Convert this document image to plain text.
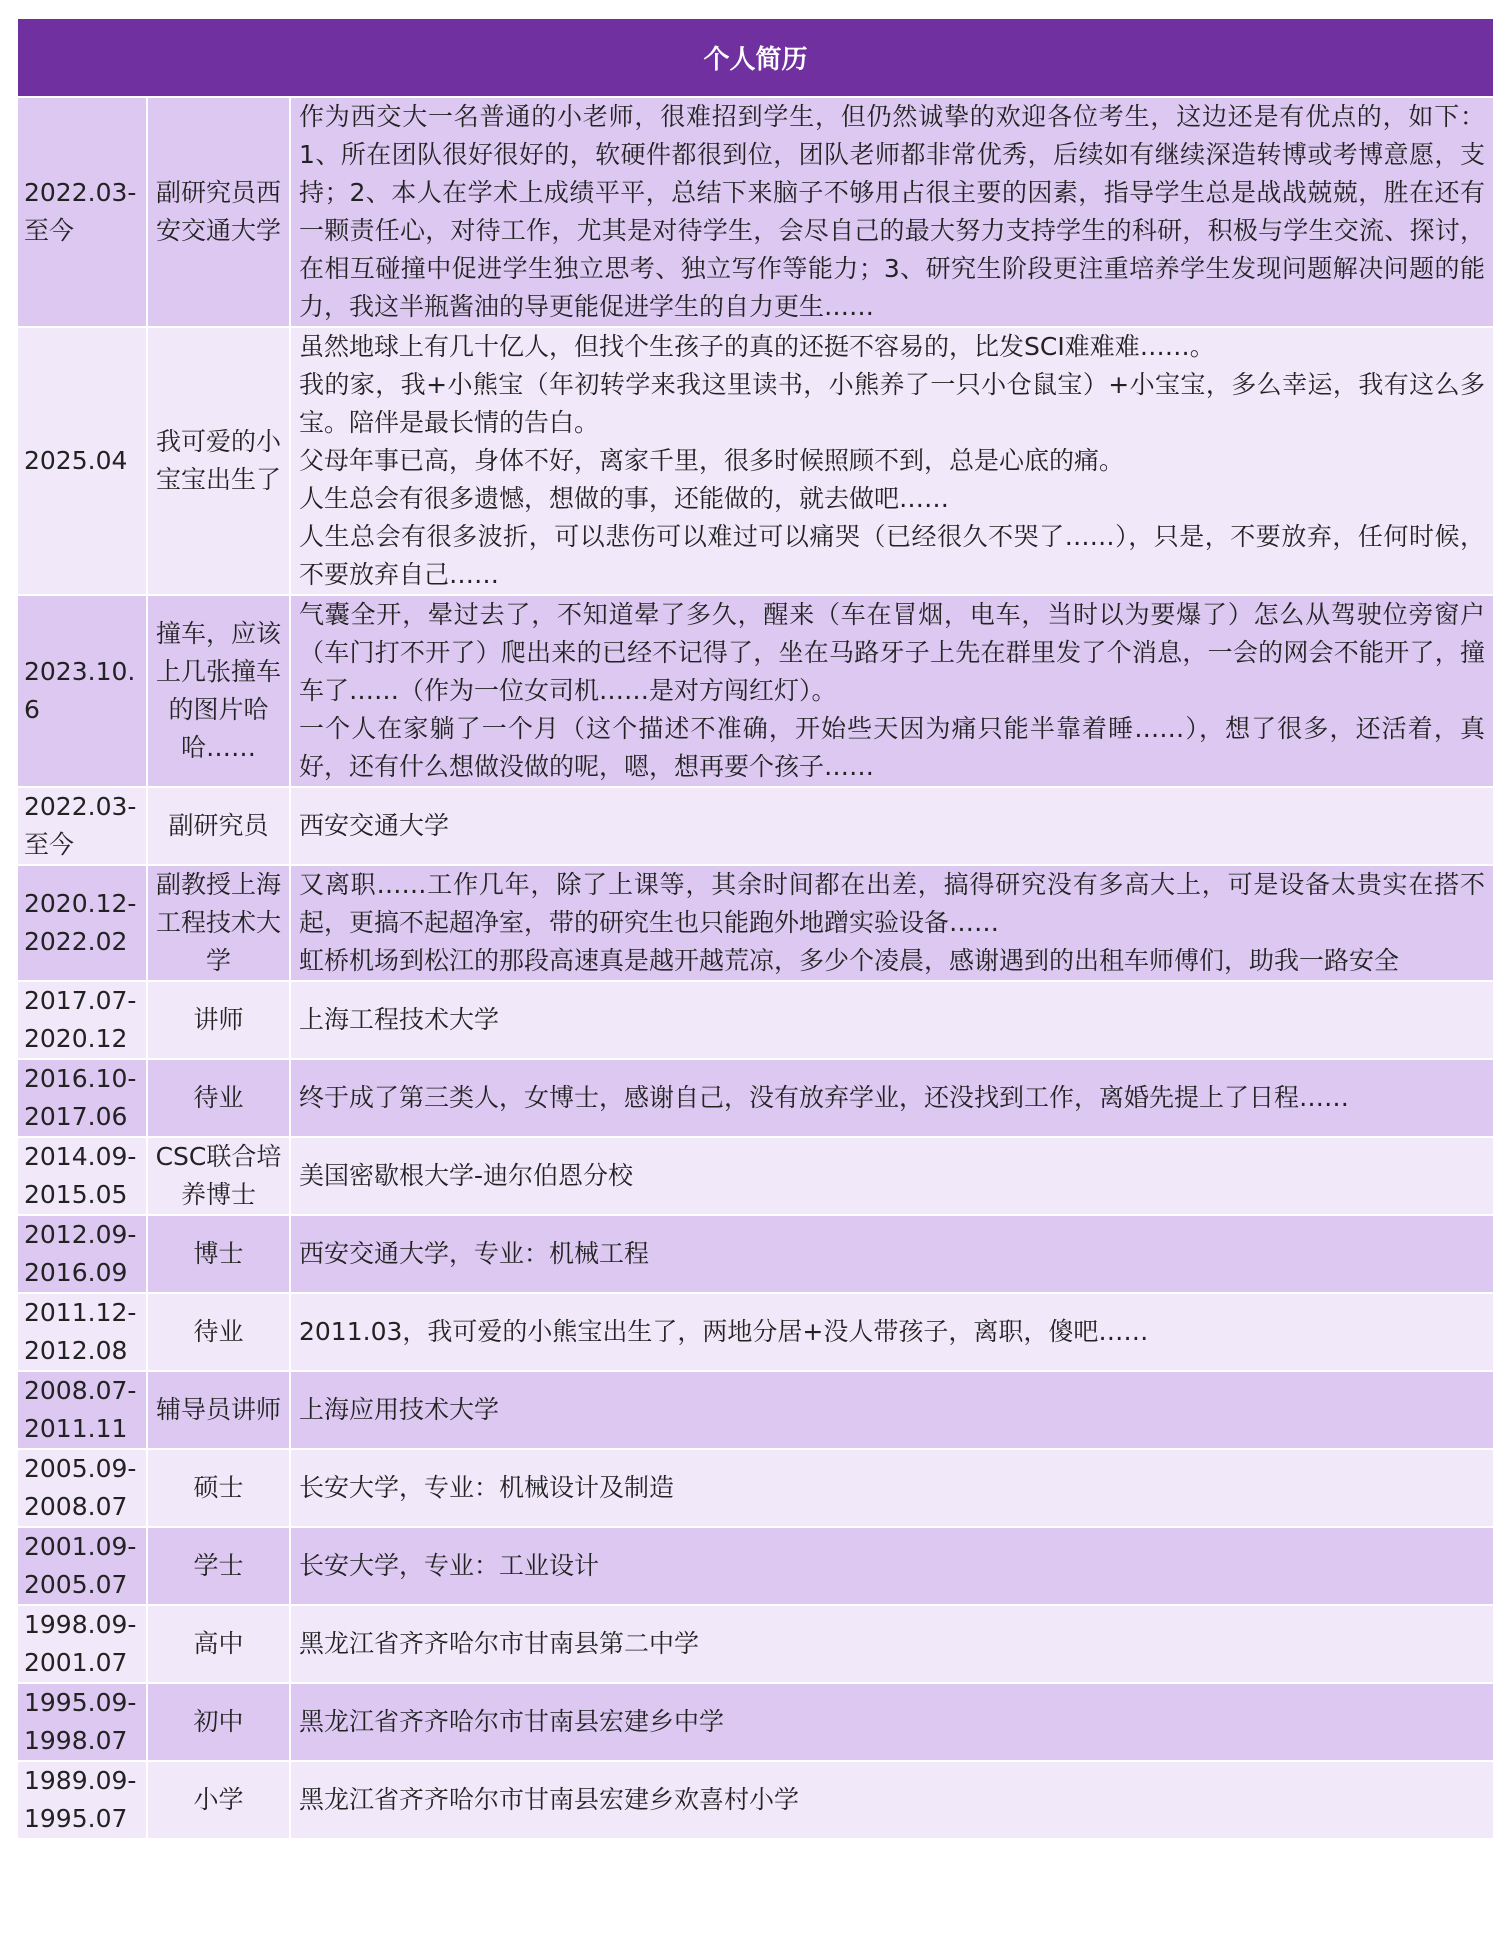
个人简历		

2022.03-至今	副研究员西安交通大学	作为西交大一名普通的小老师，很难招到学生，但仍然诚挚的欢迎各位考生，这边还是有优点的，如下：1、所在团队很好很好的，软硬件都很到位，团队老师都非常优秀，后续如有继续深造转博或考博意愿，支持；2、本人在学术上成绩平平，总结下来脑子不够用占很主要的因素，指导学生总是战战兢兢，胜在还有一颗责任心，对待工作，尤其是对待学生，会尽自己的最大努力支持学生的科研，积极与学生交流、探讨，在相互碰撞中促进学生独立思考、独立写作等能力；3、研究生阶段更注重培养学生发现问题解决问题的能力，我这半瓶酱油的导更能促进学生的自力更生……

2025.04	我可爱的小宝宝出生了	虽然地球上有几十亿人，但找个生孩子的真的还挺不容易的，比发SCI难难难……。
我的家，我+小熊宝（年初转学来我这里读书，小熊养了一只小仓鼠宝）+小宝宝，多么幸运，我有这么多宝。陪伴是最长情的告白。
父母年事已高，身体不好，离家千里，很多时候照顾不到，总是心底的痛。
人生总会有很多遗憾，想做的事，还能做的，就去做吧……
人生总会有很多波折，可以悲伤可以难过可以痛哭（已经很久不哭了……），只是，不要放弃，任何时候，不要放弃自己……

2023.10.6	撞车，应该上几张撞车的图片哈哈……	气囊全开，晕过去了，不知道晕了多久，醒来（车在冒烟，电车，当时以为要爆了）怎么从驾驶位旁窗户（车门打不开了）爬出来的已经不记得了，坐在马路牙子上先在群里发了个消息，一会的网会不能开了，撞车了……（作为一位女司机……是对方闯红灯）。
一个人在家躺了一个月（这个描述不准确，开始些天因为痛只能半靠着睡……），想了很多，还活着，真好，还有什么想做没做的呢，嗯，想再要个孩子……

2022.03-至今	副研究员	西安交通大学

2020.12-2022.02	副教授上海工程技术大学	又离职……工作几年，除了上课等，其余时间都在出差，搞得研究没有多高大上，可是设备太贵实在搭不起，更搞不起超净室，带的研究生也只能跑外地蹭实验设备……
虹桥机场到松江的那段高速真是越开越荒凉，多少个凌晨，感谢遇到的出租车师傅们，助我一路安全

2017.07-2020.12	讲师	上海工程技术大学

2016.10-2017.06	待业	终于成了第三类人，女博士，感谢自己，没有放弃学业，还没找到工作，离婚先提上了日程……

2014.09-2015.05	CSC联合培养博士	美国密歇根大学-迪尔伯恩分校

2012.09-2016.09	博士	西安交通大学，专业：机械工程

2011.12-2012.08	待业	2011.03，我可爱的小熊宝出生了，两地分居+没人带孩子，离职，傻吧……

2008.07-2011.11	辅导员讲师	上海应用技术大学

2005.09-2008.07	硕士	长安大学，专业：机械设计及制造

2001.09-2005.07	学士	长安大学，专业：工业设计

1998.09-2001.07	高中	黑龙江省齐齐哈尔市甘南县第二中学

1995.09-1998.07	初中	黑龙江省齐齐哈尔市甘南县宏建乡中学

1989.09-1995.07	小学	黑龙江省齐齐哈尔市甘南县宏建乡欢喜村小学
